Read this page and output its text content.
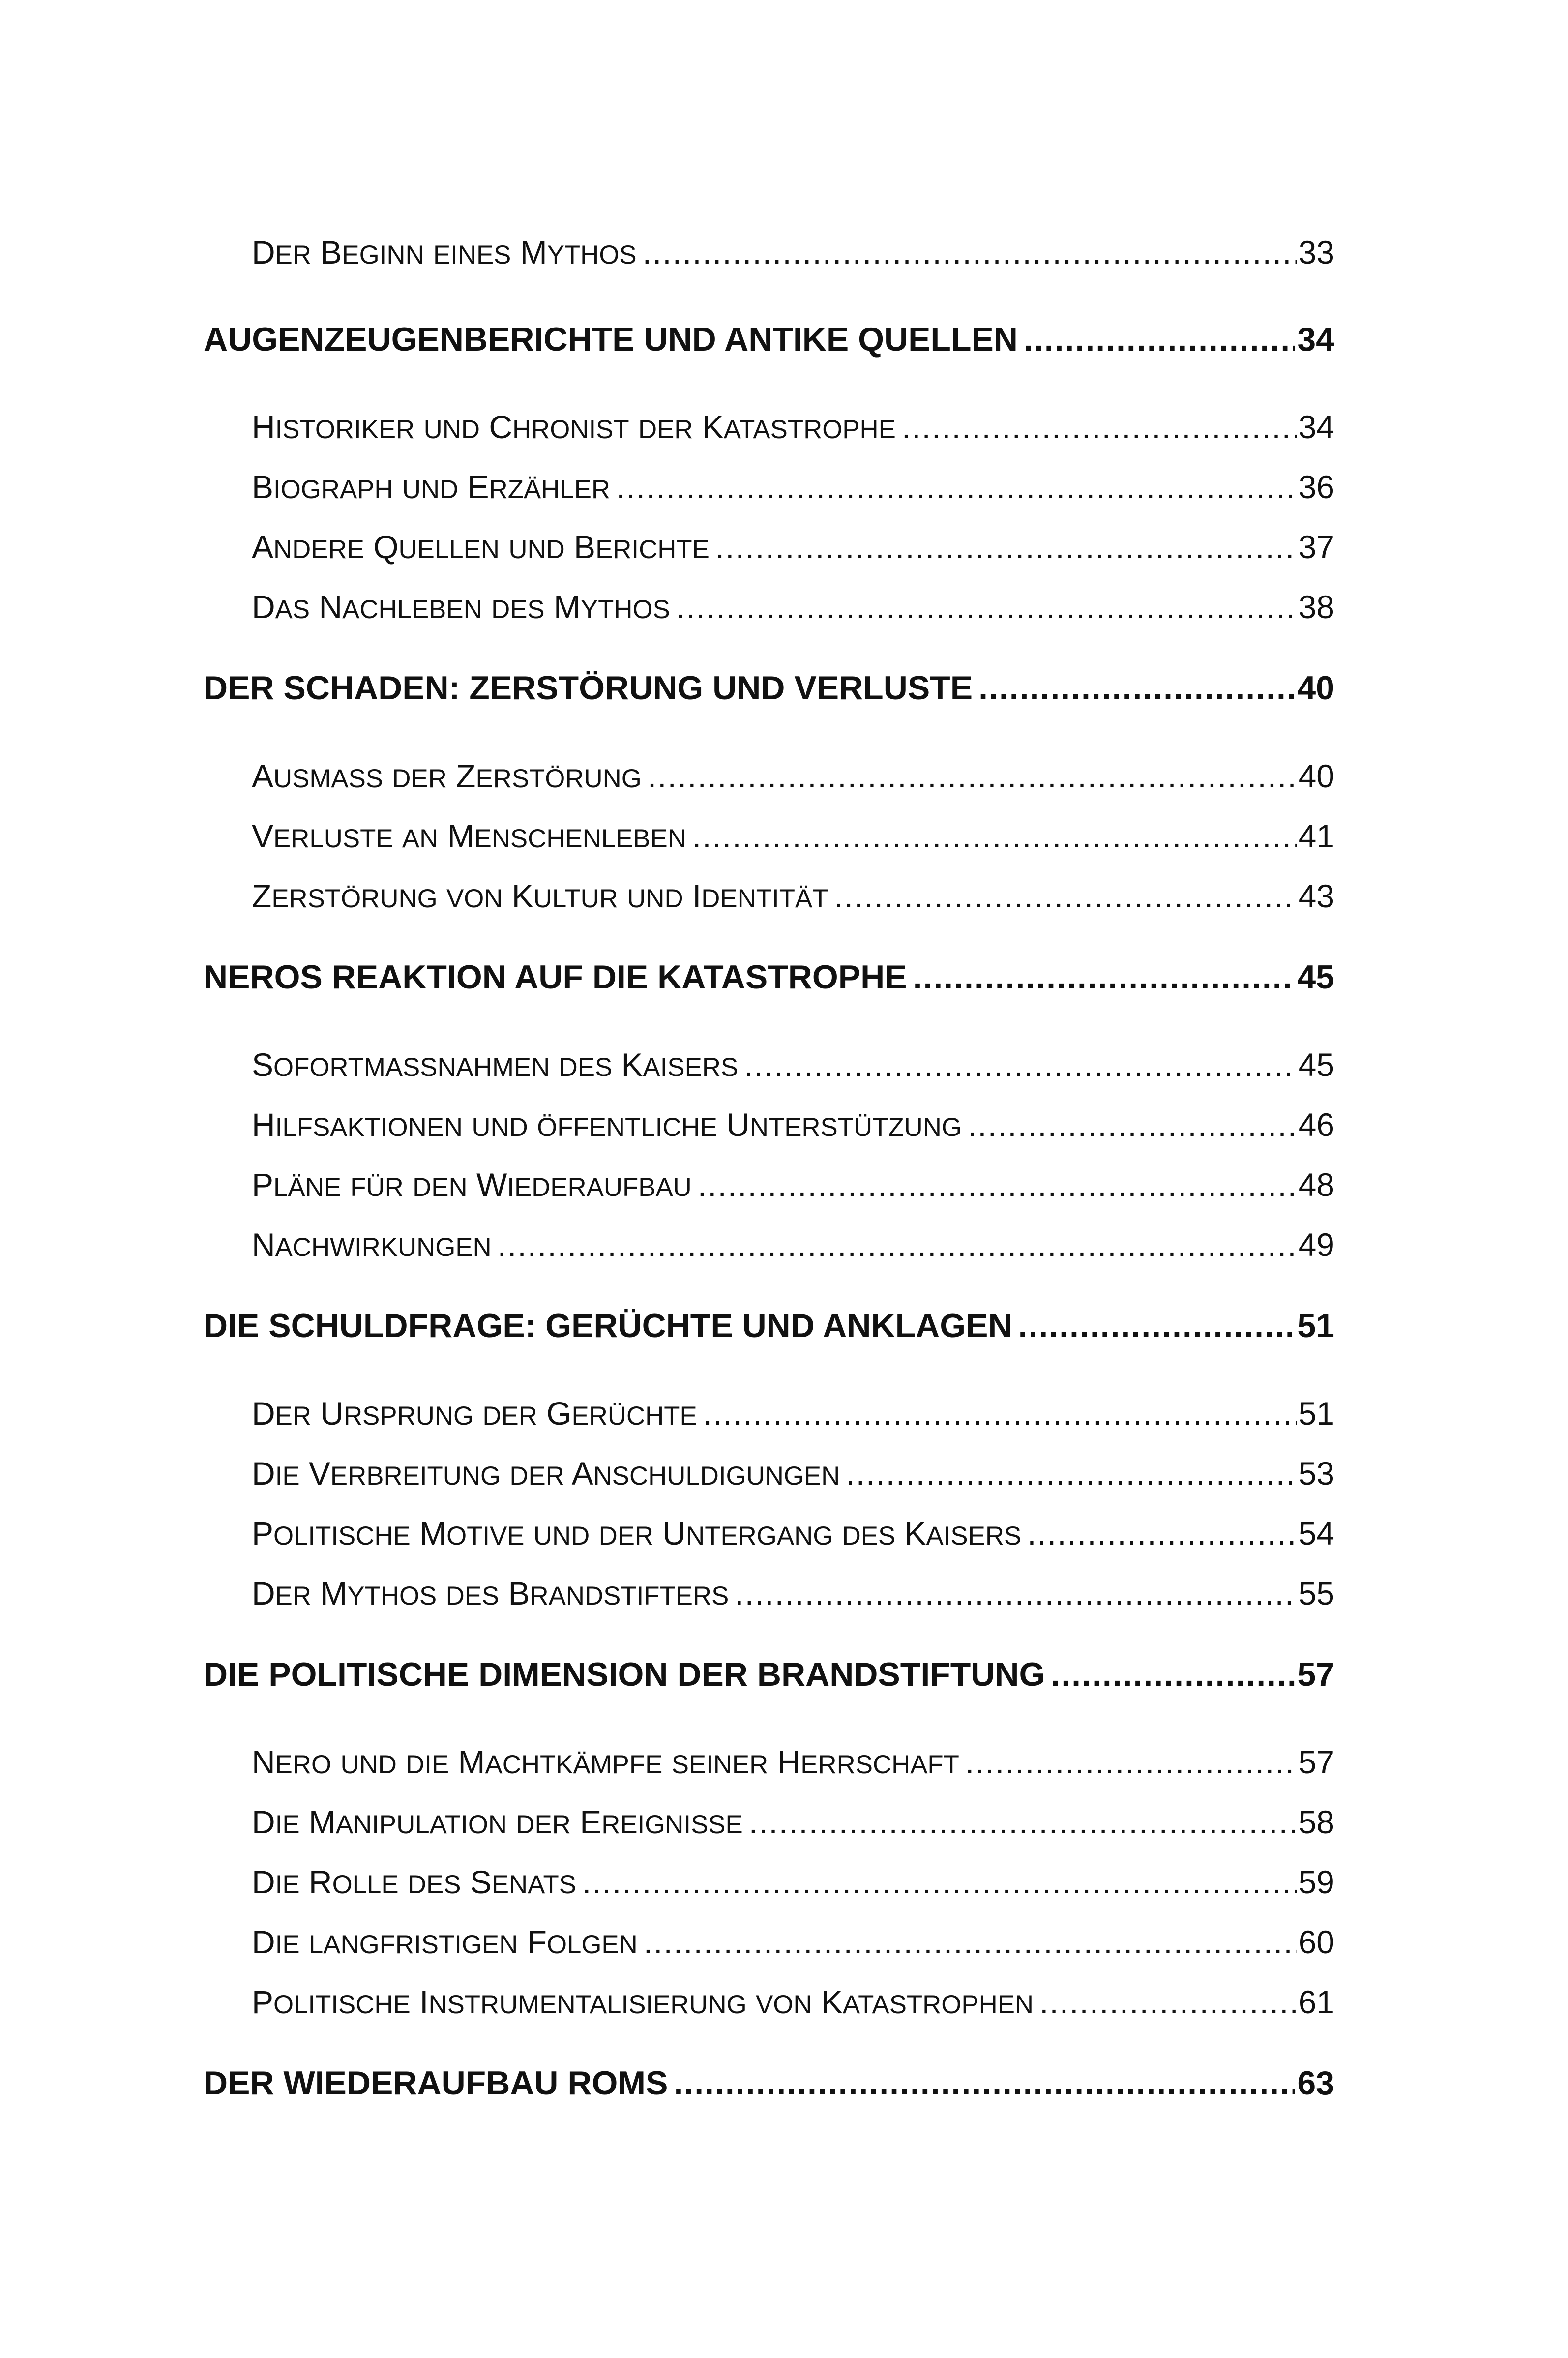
DER BEGINN EINES MYTHOS .....	33
AUGENZEUGENBERICHTE UND ANTIKE QUELLEN .....	34
HISTORIKER UND CHRONIST DER KATASTROPHE .....	34
BIOGRAPH UND ERZÄHLER .....	36
ANDERE QUELLEN UND BERICHTE .....	37
DAS NACHLEBEN DES MYTHOS .....	38
DER SCHADEN: ZERSTÖRUNG UND VERLUSTE .....	40
AUSMASS DER ZERSTÖRUNG .....	40
VERLUSTE AN MENSCHENLEBEN .....	41
ZERSTÖRUNG VON KULTUR UND IDENTITÄT .....	43
NEROS REAKTION AUF DIE KATASTROPHE .....	45
SOFORTMASSNAHMEN DES KAISERS .....	45
HILFSAKTIONEN UND ÖFFENTLICHE UNTERSTÜTZUNG .....	46
PLÄNE FÜR DEN WIEDERAUFBAU .....	48
NACHWIRKUNGEN .....	49
DIE SCHULDFRAGE: GERÜCHTE UND ANKLAGEN .....	51
DER URSPRUNG DER GERÜCHTE .....	51
DIE VERBREITUNG DER ANSCHULDIGUNGEN .....	53
POLITISCHE MOTIVE UND DER UNTERGANG DES KAISERS .....	54
DER MYTHOS DES BRANDSTIFTERS .....	55
DIE POLITISCHE DIMENSION DER BRANDSTIFTUNG .....	57
NERO UND DIE MACHTKÄMPFE SEINER HERRSCHAFT .....	57
DIE MANIPULATION DER EREIGNISSE .....	58
DIE ROLLE DES SENATS .....	59
DIE LANGFRISTIGEN FOLGEN .....	60
POLITISCHE INSTRUMENTALISIERUNG VON KATASTROPHEN .....	61
DER WIEDERAUFBAU ROMS .....	63
